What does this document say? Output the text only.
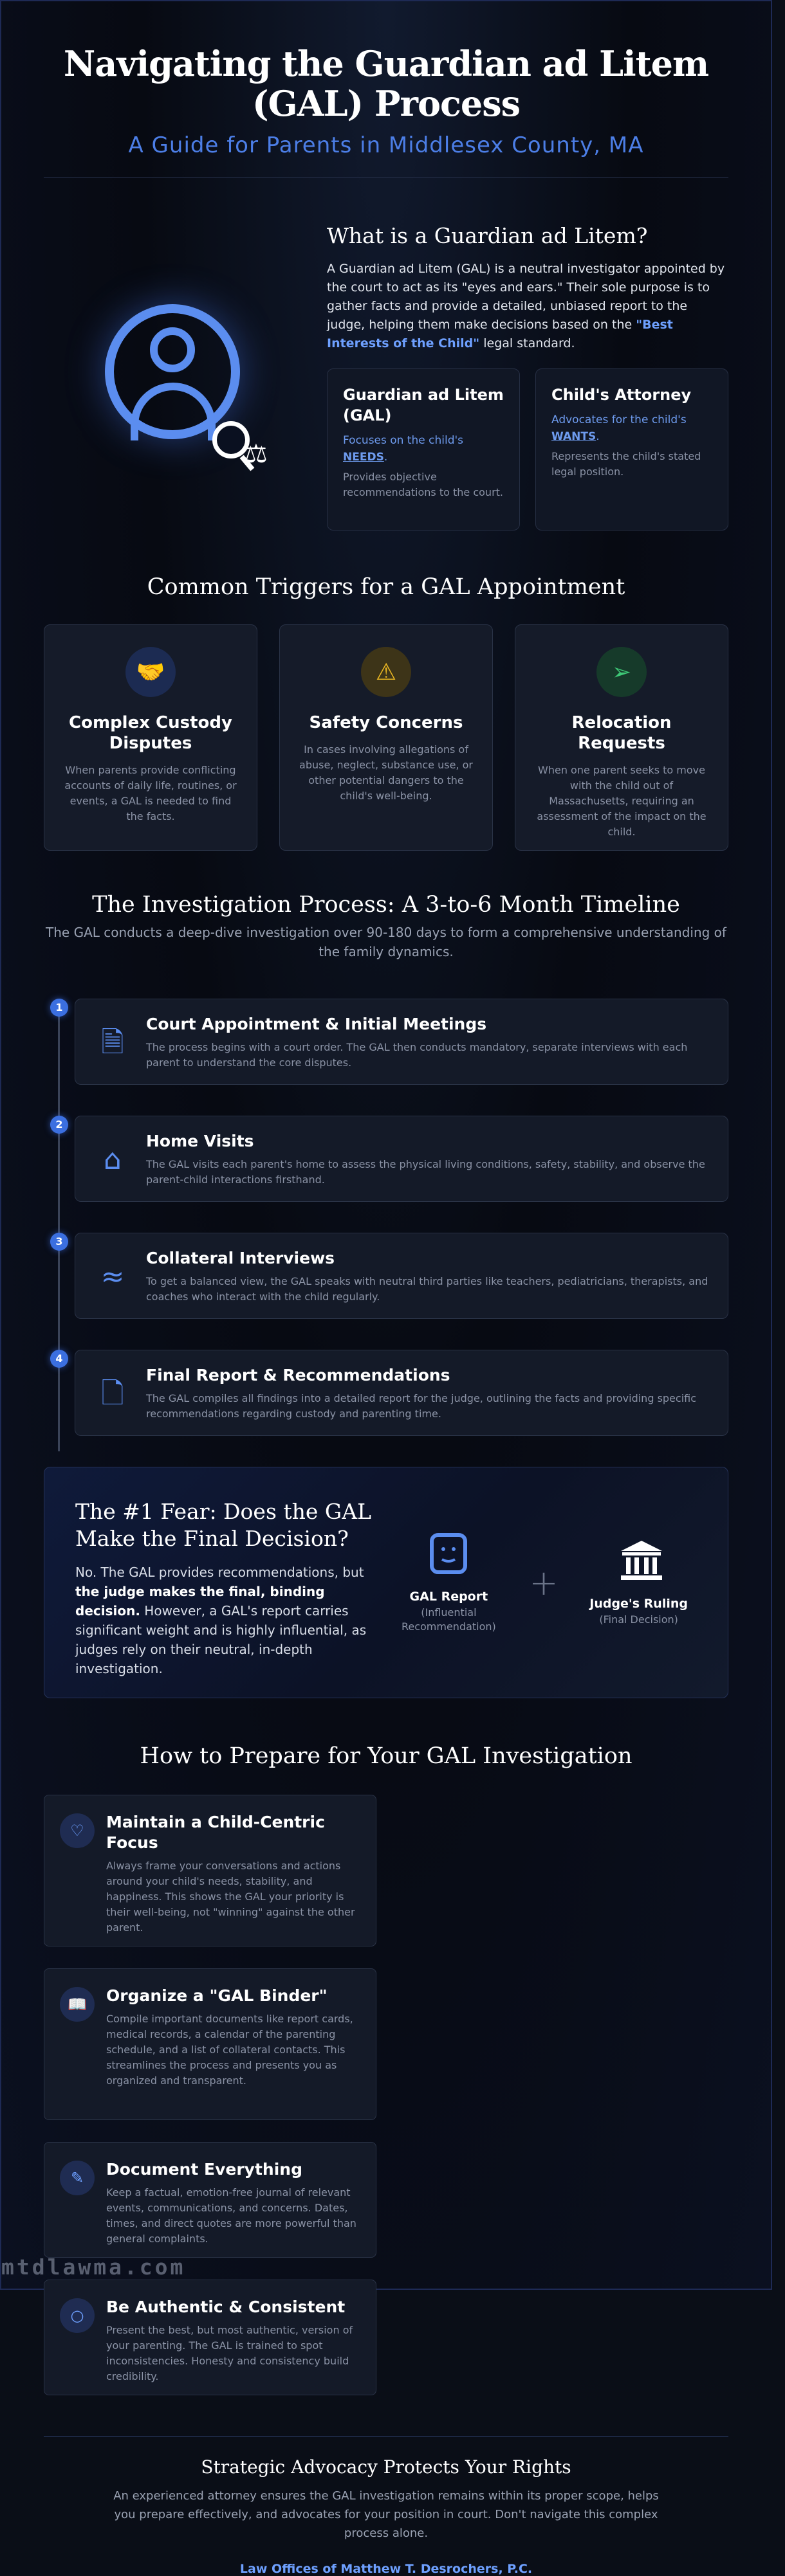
Navigating the Guardian ad Litem (GAL) Process
A Guide for Parents in Middlesex County, MA
⚖
What is a Guardian ad Litem?

A Guardian ad Litem (GAL) is a neutral investigator appointed by the court to act as its "eyes and ears." Their sole purpose is to gather facts and provide a detailed, unbiased report to the judge, helping them make decisions based on the "Best Interests of the Child" legal standard.

Guardian ad Litem (GAL)
Focuses on the child's NEEDS.
Provides objective recommendations to the court.
Child's Attorney
Advocates for the child's WANTS.
Represents the child's stated legal position.
Common Triggers for a GAL Appointment
🤝
Complex Custody Disputes

When parents provide conflicting accounts of daily life, routines, or events, a GAL is needed to find the facts.

⚠
Safety Concerns

In cases involving allegations of abuse, neglect, substance use, or other potential dangers to the child's well-being.

➢
Relocation Requests

When one parent seeks to move with the child out of Massachusetts, requiring an assessment of the impact on the child.

The Investigation Process: A 3-to-6 Month Timeline

The GAL conducts a deep-dive investigation over 90-180 days to form a comprehensive understanding of the family dynamics.

1
🗎
Court Appointment & Initial Meetings

The process begins with a court order. The GAL then conducts mandatory, separate interviews with each parent to understand the core disputes.

2
⌂
Home Visits

The GAL visits each parent's home to assess the physical living conditions, safety, stability, and observe the parent-child interactions firsthand.

3
≈
Collateral Interviews

To get a balanced view, the GAL speaks with neutral third parties like teachers, pediatricians, therapists, and coaches who interact with the child regularly.

4
🗋
Final Report & Recommendations

The GAL compiles all findings into a detailed report for the judge, outlining the facts and providing specific recommendations regarding custody and parenting time.

The #1 Fear: Does the GAL Make the Final Decision?

No. The GAL provides recommendations, but the judge makes the final, binding decision. However, a GAL's report carries significant weight and is highly influential, as judges rely on their neutral, in-depth investigation.

GAL Report
(Influential Recommendation)
+
Judge's Ruling
(Final Decision)
How to Prepare for Your GAL Investigation
♡	Maintain a Child-Centric Focus

Always frame your conversations and actions around your child's needs, stability, and happiness. This shows the GAL your priority is their well-being, not "winning" against the other parent.

📖	Organize a "GAL Binder"

Compile important documents like report cards, medical records, a calendar of the parenting schedule, and a list of collateral contacts. This streamlines the process and presents you as organized and transparent.

✎	Document Everything

Keep a factual, emotion-free journal of relevant events, communications, and concerns. Dates, times, and direct quotes are more powerful than general complaints.

○	Be Authentic & Consistent

Present the best, but most authentic, version of your parenting. The GAL is trained to spot inconsistencies. Honesty and consistency build credibility.

Strategic Advocacy Protects Your Rights

An experienced attorney ensures the GAL investigation remains within its proper scope, helps you prepare effectively, and advocates for your position in court. Don't navigate this complex process alone.

Law Offices of Matthew T. Desrochers, P.C.
mtdlawma.com
